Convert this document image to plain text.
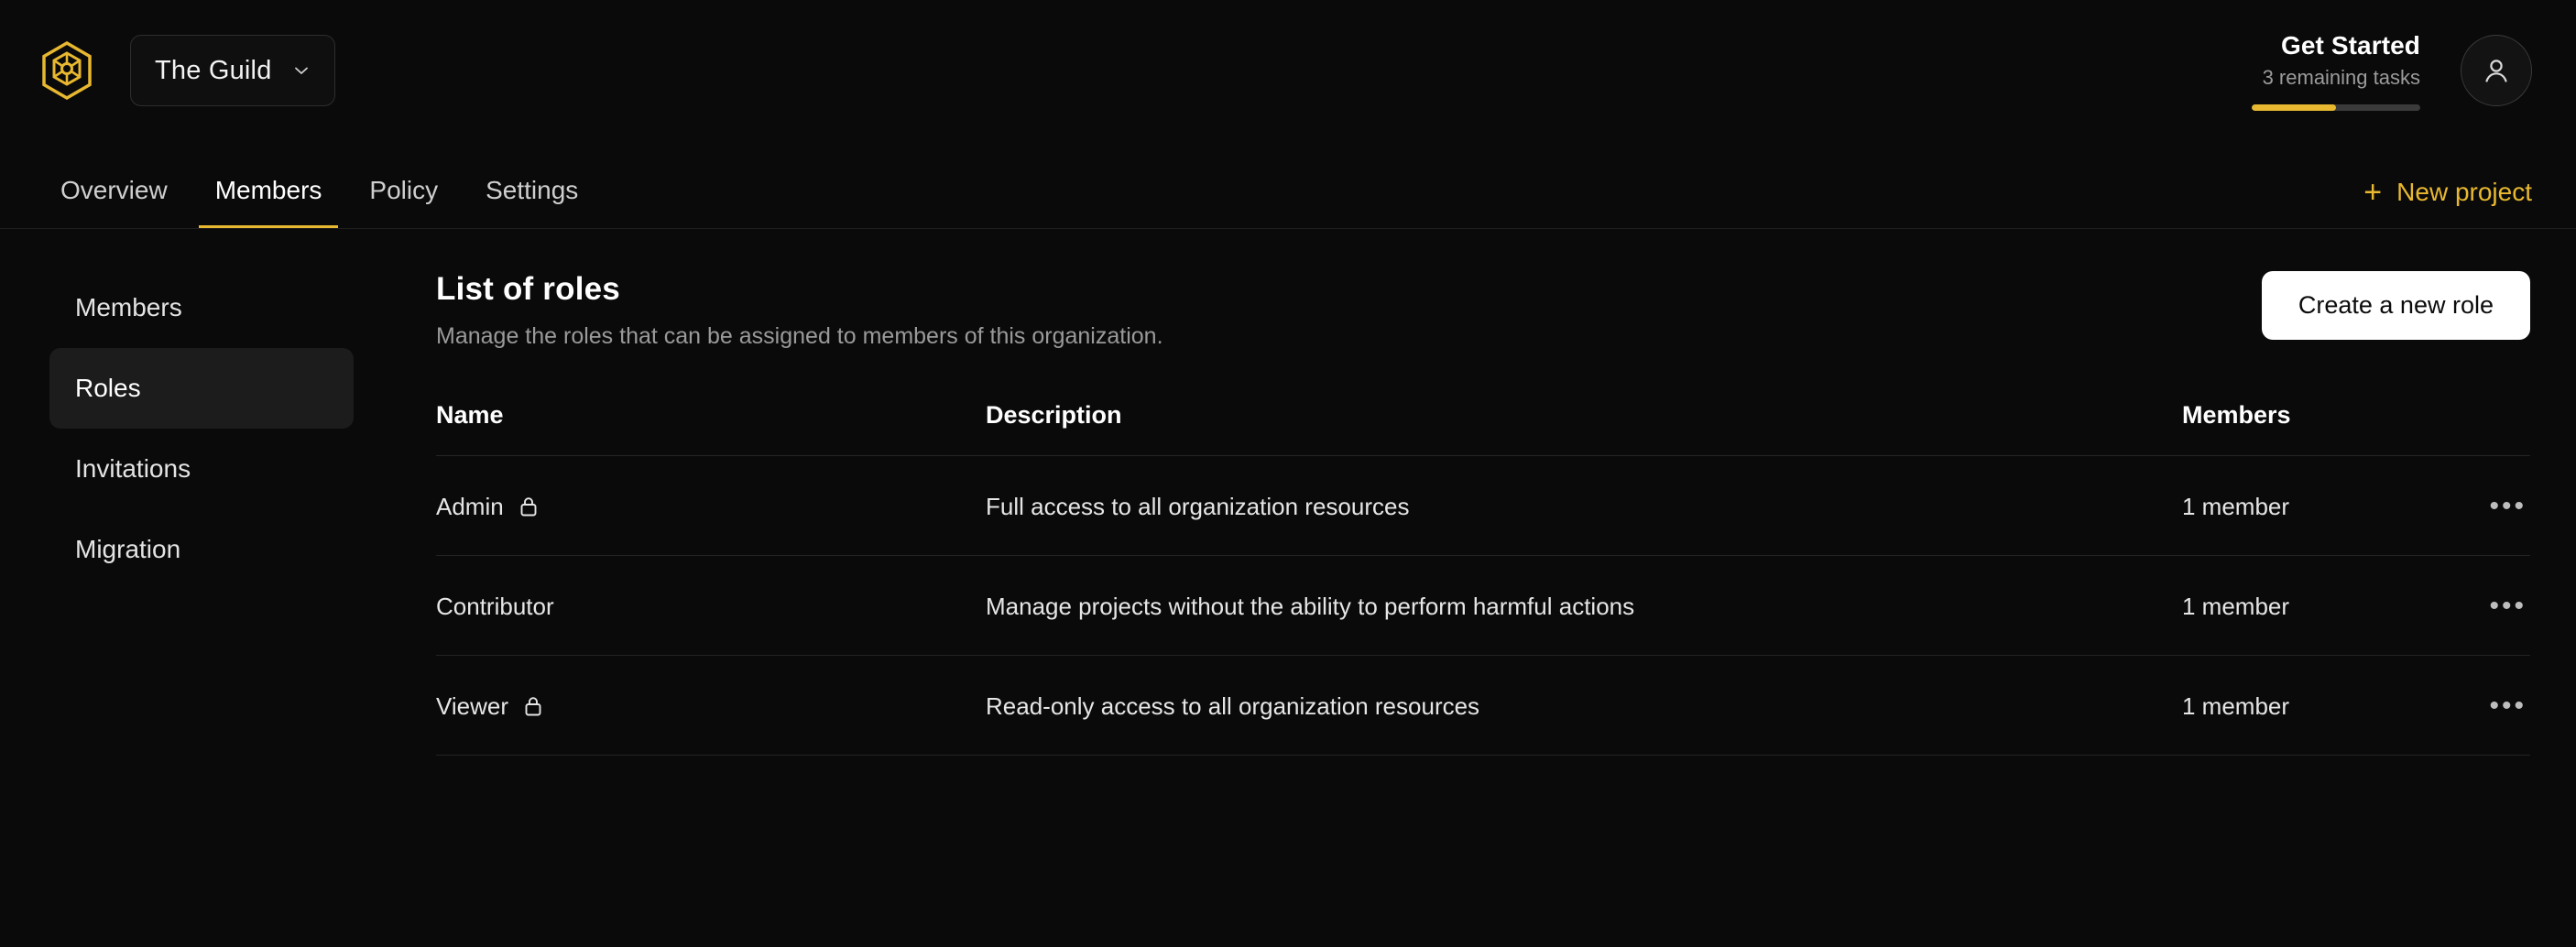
The Guild
Get Started
3 remaining tasks
Overview	Members	Policy	Settings	+ New project
Members
Roles
Invitations
Migration
List of roles
Manage the roles that can be assigned to members of this organization.
Create a new role
Name	Description	Members	

Admin	Full access to all organization resources	1 member	•••

Contributor	Manage projects without the ability to perform harmful actions	1 member	•••

Viewer	Read-only access to all organization resources	1 member	•••
